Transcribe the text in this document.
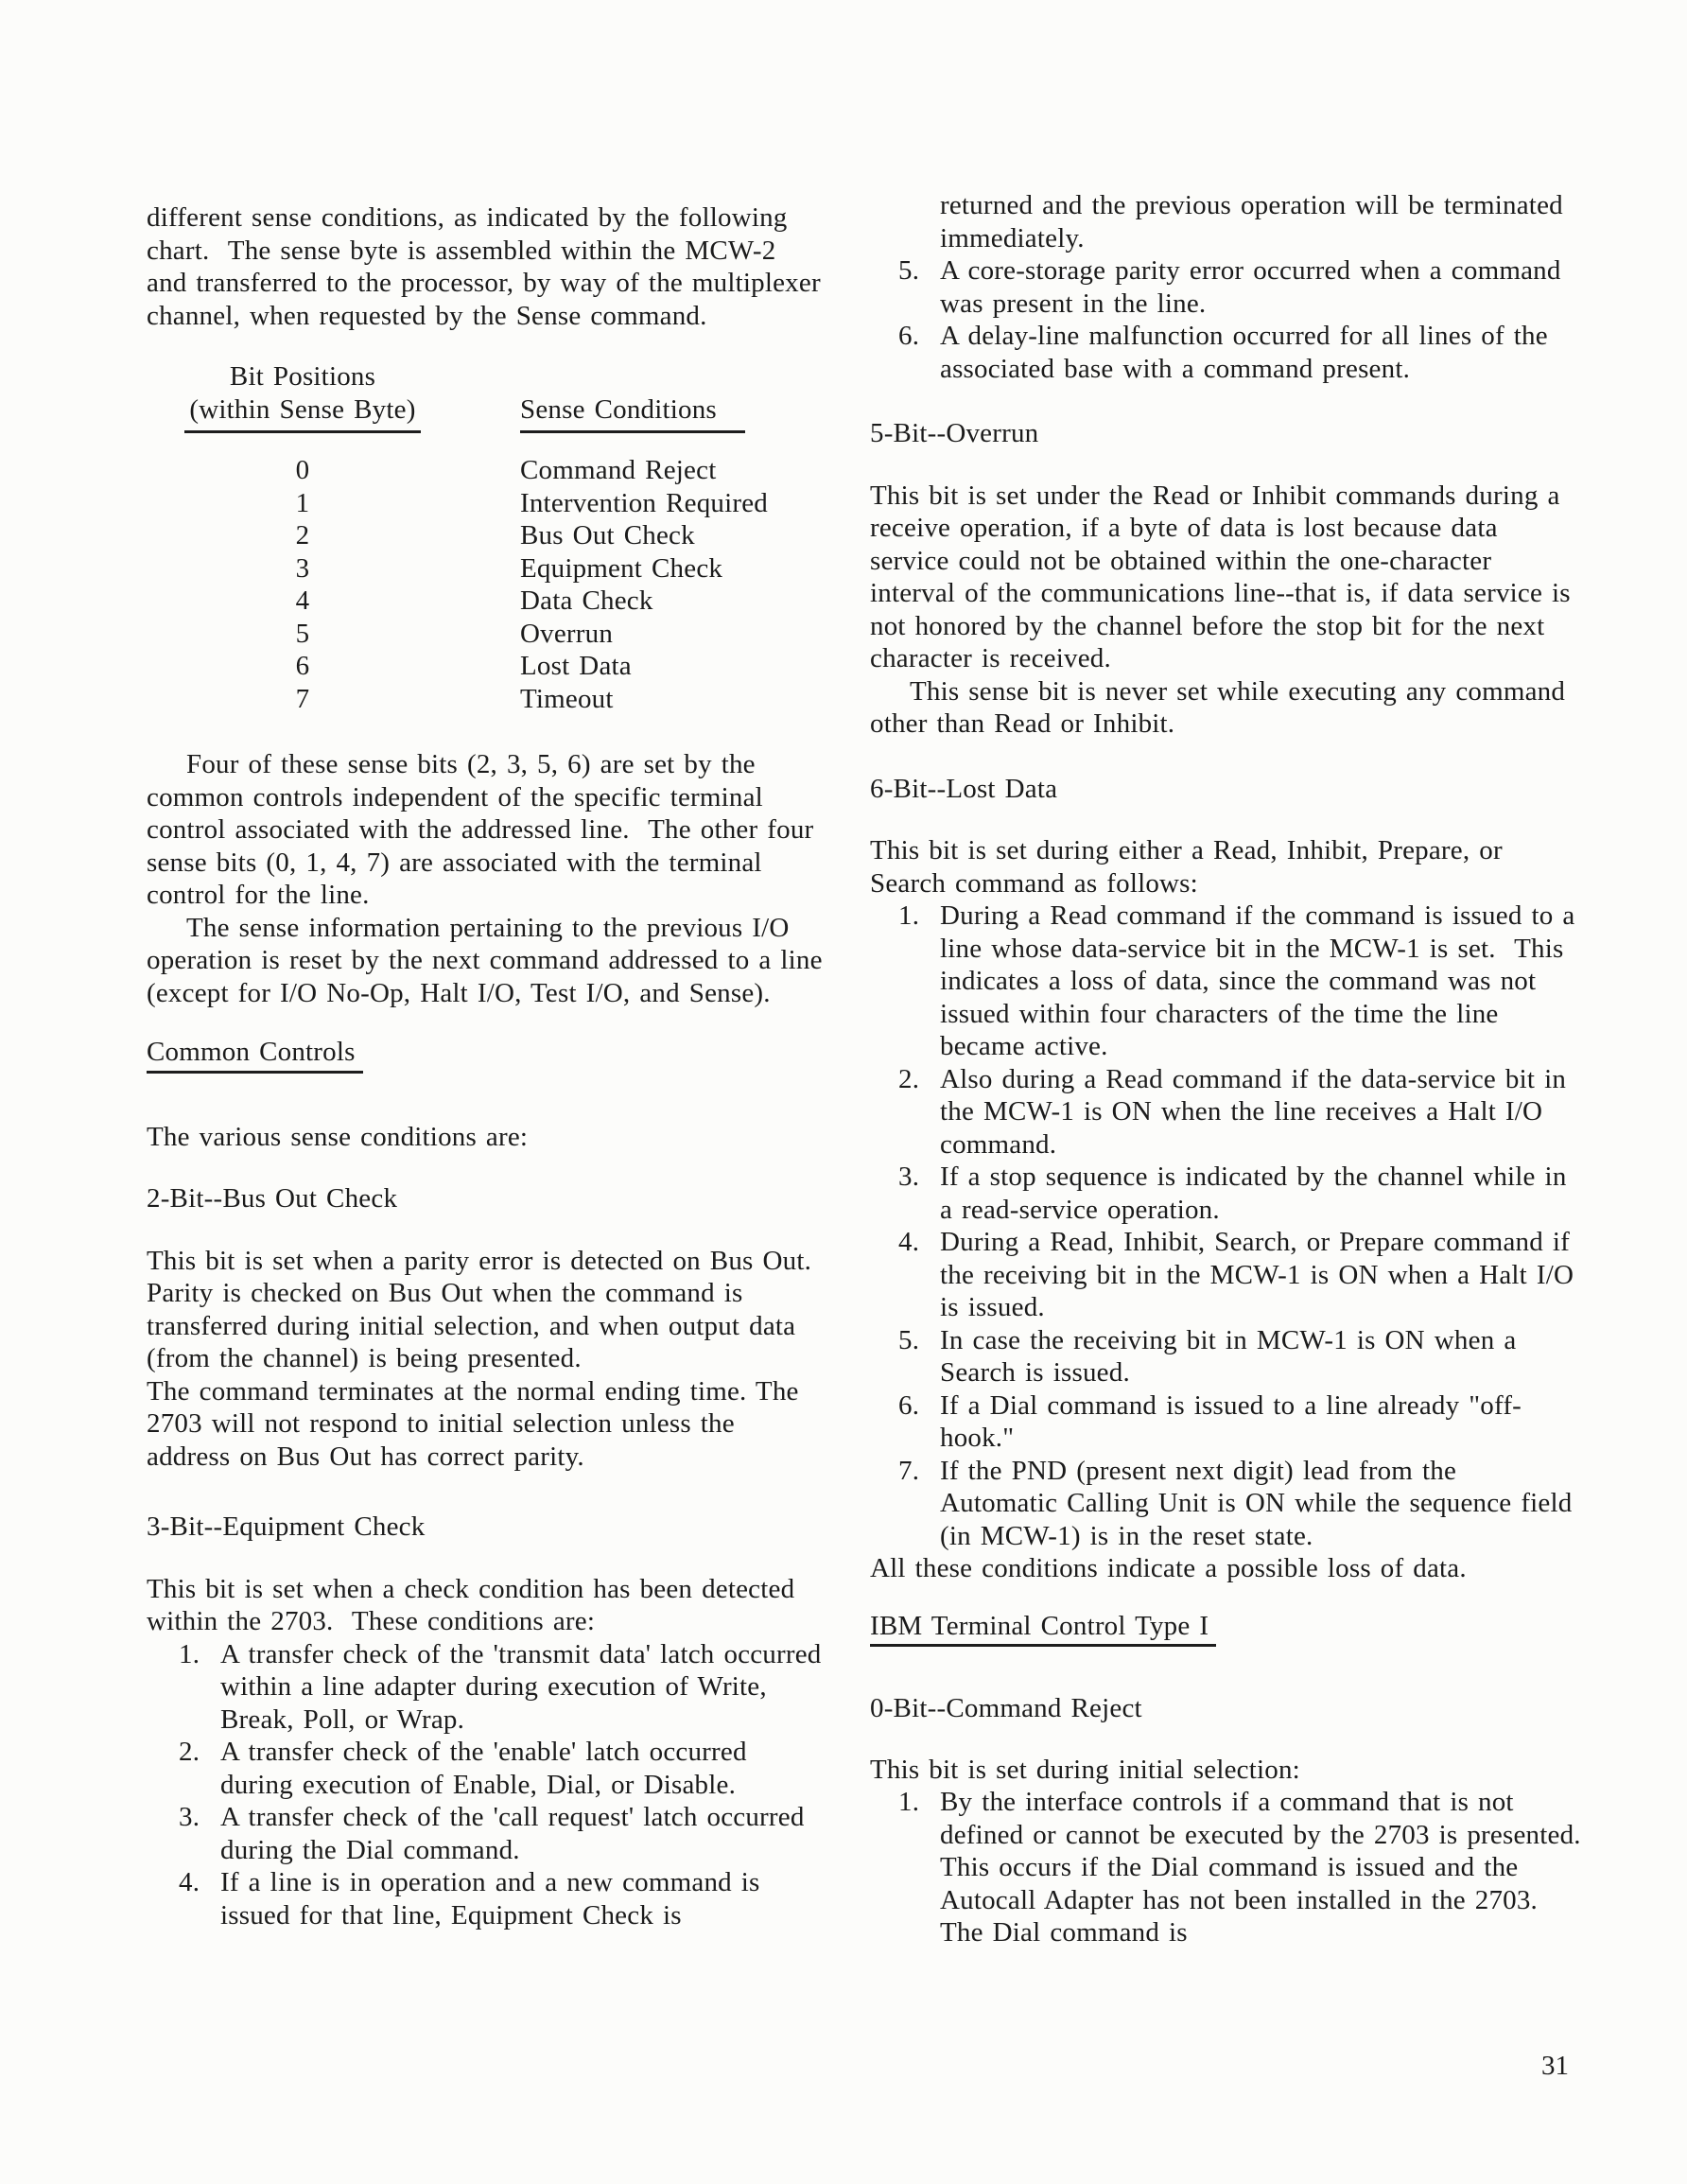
different sense conditions, as indicated by the following chart.  The sense byte is assembled within the MCW-2 and transferred to the processor, by way of the multiplexer channel, when requested by the Sense command.

Bit Positions
(within Sense Byte)	Sense Conditions
0	Command Reject
1	Intervention Required
2	Bus Out Check
3	Equipment Check
4	Data Check
5	Overrun
6	Lost Data
7	Timeout

Four of these sense bits (2, 3, 5, 6) are set by the common controls independent of the specific terminal control associated with the addressed line.  The other four sense bits (0, 1, 4, 7) are associated with the terminal control for the line.

The sense information pertaining to the previous I/O operation is reset by the next command addressed to a line (except for I/O No-Op, Halt I/O, Test I/O, and Sense).

Common Controls

The various sense conditions are:

2-Bit--Bus Out Check

This bit is set when a parity error is detected on Bus Out.  Parity is checked on Bus Out when the command is transferred during initial selection, and when output data (from the channel) is being presented.

The command terminates at the normal ending time. The 2703 will not respond to initial selection unless the address on Bus Out has correct parity.

3-Bit--Equipment Check

This bit is set when a check condition has been detected within the 2703.  These conditions are:

1. A transfer check of the 'transmit data' latch occurred within a line adapter during execution of Write, Break, Poll, or Wrap.
2. A transfer check of the 'enable' latch occurred during execution of Enable, Dial, or Disable.
3. A transfer check of the 'call request' latch occurred during the Dial command.
4. If a line is in operation and a new command is issued for that line, Equipment Check is

returned and the previous operation will be terminated immediately.

5. A core-storage parity error occurred when a command was present in the line.
6. A delay-line malfunction occurred for all lines of the associated base with a command present.
5-Bit--Overrun

This bit is set under the Read or Inhibit commands during a receive operation, if a byte of data is lost because data service could not be obtained within the one-character interval of the communications line--that is, if data service is not honored by the channel before the stop bit for the next character is received.

This sense bit is never set while executing any command other than Read or Inhibit.

6-Bit--Lost Data

This bit is set during either a Read, Inhibit, Prepare, or Search command as follows:

1. During a Read command if the command is issued to a line whose data-service bit in the MCW-1 is set.  This indicates a loss of data, since the command was not issued within four characters of the time the line became active.
2. Also during a Read command if the data-service bit in the MCW-1 is ON when the line receives a Halt I/O command.
3. If a stop sequence is indicated by the channel while in a read-service operation.
4. During a Read, Inhibit, Search, or Prepare command if the receiving bit in the MCW-1 is ON when a Halt I/O is issued.
5. In case the receiving bit in MCW-1 is ON when a Search is issued.
6. If a Dial command is issued to a line already "off-hook."
7. If the PND (present next digit) lead from the Automatic Calling Unit is ON while the sequence field (in MCW-1) is in the reset state.

All these conditions indicate a possible loss of data.

IBM Terminal Control Type I
0-Bit--Command Reject

This bit is set during initial selection:

1. By the interface controls if a command that is not defined or cannot be executed by the 2703 is presented.  This occurs if the Dial command is issued and the Autocall Adapter has not been installed in the 2703.  The Dial command is
31
